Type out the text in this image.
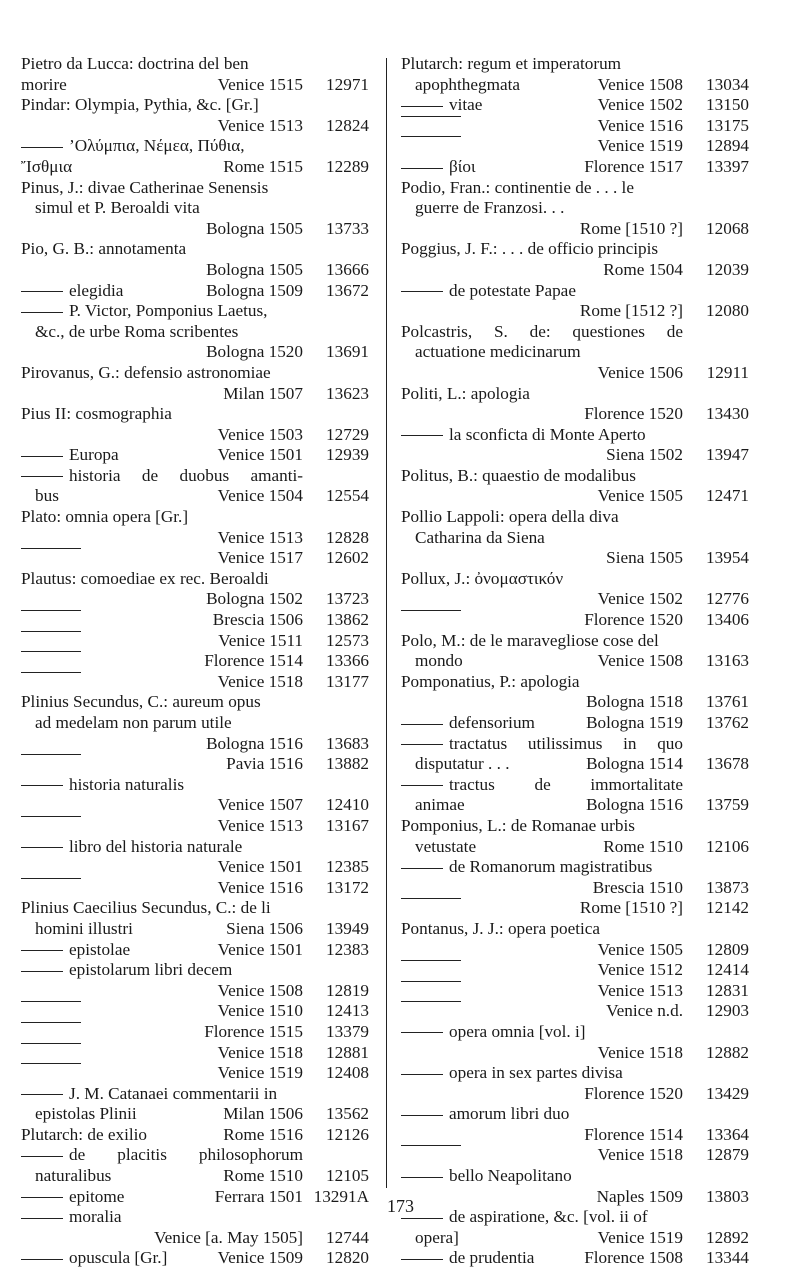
Pietro da Lucca: doctrina del ben
morire	Venice 1515 12971
Pindar: Olympia, Pythia, &c. [Gr.]
Venice 1513 12824
’Ολύμπια, Νέμεα, Πύθια,
Ἴσθμια	Rome 1515 12289
Pinus, J.: divae Catherinae Senensis
simul et P. Beroaldi vita
Bologna 1505 13733
Pio, G. B.: annotamenta
Bologna 1505 13666
elegidia	Bologna 1509 13672
P. Victor, Pomponius Laetus,
&c., de urbe Roma scribentes
Bologna 1520 13691
Pirovanus, G.: defensio astronomiae
Milan 1507 13623
Pius II: cosmographia
Venice 1503 12729
Europa	Venice 1501 12939
historia de duobus amanti-
bus	Venice 1504 12554
Plato: omnia opera [Gr.]
Venice 1513 12828
Venice 1517 12602
Plautus: comoediae ex rec. Beroaldi
Bologna 1502 13723
Brescia 1506 13862
Venice 1511 12573
Florence 1514 13366
Venice 1518 13177
Plinius Secundus, C.: aureum opus
ad medelam non parum utile
Bologna 1516 13683
Pavia 1516 13882
historia naturalis
Venice 1507 12410
Venice 1513 13167
libro del historia naturale
Venice 1501 12385
Venice 1516 13172
Plinius Caecilius Secundus, C.: de li
homini illustri	Siena 1506 13949
epistolae	Venice 1501 12383
epistolarum libri decem
Venice 1508 12819
Venice 1510 12413
Florence 1515 13379
Venice 1518 12881
Venice 1519 12408
J. M. Catanaei commentarii in
epistolas Plinii	Milan 1506 13562
Plutarch: de exilio	Rome 1516 12126
de placitis philosophorum
naturalibus	Rome 1510 12105
epitome	Ferrara 1501 13291A
moralia
Venice [a. May 1505] 12744
opuscula [Gr.]	Venice 1509 12820
Plutarch: regum et imperatorum
apophthegmata	Venice 1508 13034
vitae	Venice 1502 13150
Venice 1516 13175
Venice 1519 12894
βίοι	Florence 1517 13397
Podio, Fran.: continentie de . . . le
guerre de Franzosi. . .
Rome [1510 ?] 12068
Poggius, J. F.: . . . de officio principis
Rome 1504 12039
de potestate Papae
Rome [1512 ?] 12080
Polcastris, S. de: questiones de
actuatione medicinarum
Venice 1506 12911
Politi, L.: apologia
Florence 1520 13430
la sconficta di Monte Aperto
Siena 1502 13947
Politus, B.: quaestio de modalibus
Venice 1505 12471
Pollio Lappoli: opera della diva
Catharina da Siena
Siena 1505 13954
Pollux, J.: ὀνομαστικόν
Venice 1502 12776
Florence 1520 13406
Polo, M.: de le maravegliose cose del
mondo	Venice 1508 13163
Pomponatius, P.: apologia
Bologna 1518 13761
defensorium	Bologna 1519 13762
tractatus utilissimus in quo
disputatur . . .	Bologna 1514 13678
tractus de immortalitate
animae	Bologna 1516 13759
Pomponius, L.: de Romanae urbis
vetustate	Rome 1510 12106
de Romanorum magistratibus
Brescia 1510 13873
Rome [1510 ?] 12142
Pontanus, J. J.: opera poetica
Venice 1505 12809
Venice 1512 12414
Venice 1513 12831
Venice n.d. 12903
opera omnia [vol. i]
Venice 1518 12882
opera in sex partes divisa
Florence 1520 13429
amorum libri duo
Florence 1514 13364
Venice 1518 12879
bello Neapolitano
Naples 1509 13803
de aspiratione, &c. [vol. ii of
opera]	Venice 1519 12892
de prudentia	Florence 1508 13344
173
